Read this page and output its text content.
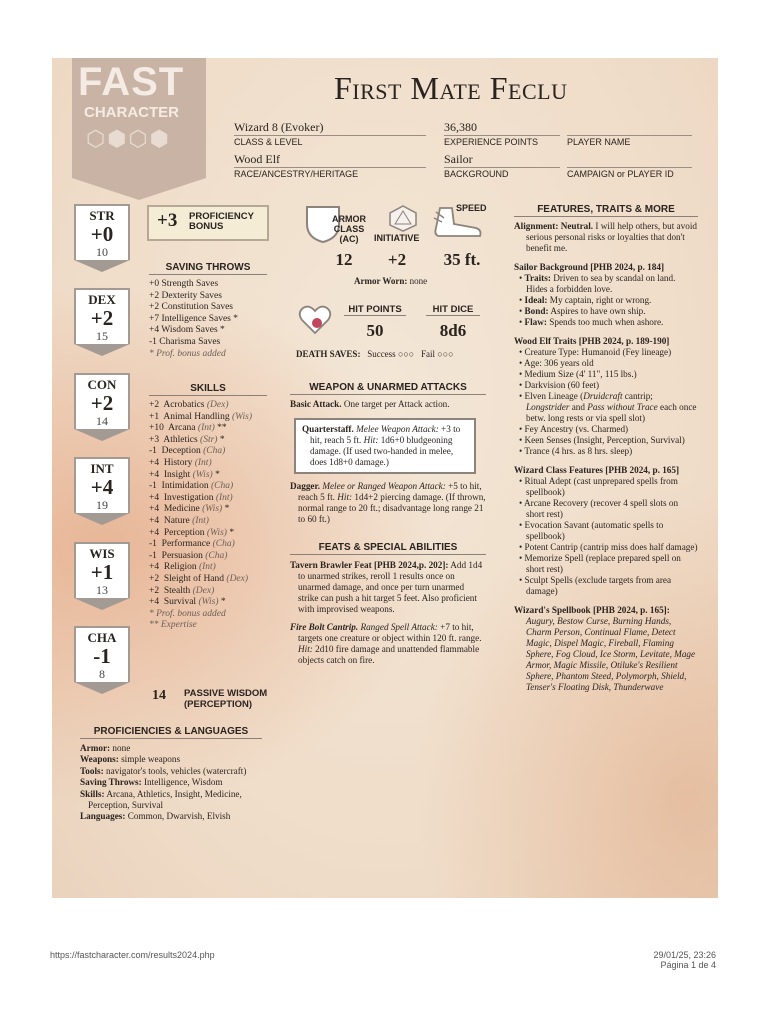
FAST
CHARACTER
⬡⬢⬡⬢
First Mate Feclu
Wizard 8 (Evoker)
CLASS & LEVEL
36,380
EXPERIENCE POINTS
	PLAYER NAME
Wood Elf
RACE/ANCESTRY/HERITAGE
Sailor
BACKGROUND
	CAMPAIGN or PLAYER ID
STR
+0
10
DEX
+2
15
CON
+2
14
INT
+4
19
WIS
+1
13
CHA
-1
8
+3 PROFICIENCY BONUS
SAVING THROWS
+0 Strength Saves
+2 Dexterity Saves
+2 Constitution Saves
+7 Intelligence Saves *
+4 Wisdom Saves *
-1 Charisma Saves
* Prof. bonus added
SKILLS
+2 Acrobatics (Dex)
+1 Animal Handling (Wis)
+10 Arcana (Int) **
+3 Athletics (Str) *
-1 Deception (Cha)
+4 History (Int)
+4 Insight (Wis) *
-1 Intimidation (Cha)
+4 Investigation (Int)
+4 Medicine (Wis) *
+4 Nature (Int)
+4 Perception (Wis) *
-1 Performance (Cha)
-1 Persuasion (Cha)
+4 Religion (Int)
+2 Sleight of Hand (Dex)
+2 Stealth (Dex)
+4 Survival (Wis) *
* Prof. bonus added
** Expertise
14 PASSIVE WISDOM
(PERCEPTION)
PROFICIENCIES & LANGUAGES
Armor: none
Weapons: simple weapons
Tools: navigator's tools, vehicles (watercraft)
Saving Throws: Intelligence, Wisdom
Skills: Arcana, Athletics, Insight, Medicine, Perception, Survival
Languages: Common, Dwarvish, Elvish
ARMOR
CLASS
(AC)	INITIATIVE
SPEED
12	+2	35 ft.
Armor Worn: none
HIT POINTS	HIT DICE
50	8d6
DEATH SAVES: Success ○○○ Fail ○○○
WEAPON & UNARMED ATTACKS
Basic Attack. One target per Attack action.
Quarterstaff. Melee Weapon Attack: +3 to hit, reach 5 ft. Hit: 1d6+0 bludgeoning damage. (If used two-handed in melee, does 1d8+0 damage.)
Dagger. Melee or Ranged Weapon Attack: +5 to hit, reach 5 ft. Hit: 1d4+2 piercing damage. (If thrown, normal range to 20 ft.; disadvantage long range 21 to 60 ft.)
FEATS & SPECIAL ABILITIES
Tavern Brawler Feat [PHB 2024,p. 202]: Add 1d4 to unarmed strikes, reroll 1 results once on unarmed damage, and once per turn unarmed strike can push a hit target 5 feet. Also proficient with improvised weapons.
Fire Bolt Cantrip. Ranged Spell Attack: +7 to hit, targets one creature or object within 120 ft. range. Hit: 2d10 fire damage and unattended flammable objects catch on fire.
FEATURES, TRAITS & MORE
Alignment: Neutral. I will help others, but avoid serious personal risks or loyalties that don't benefit me.
Sailor Background [PHB 2024, p. 184]
• Traits: Driven to sea by scandal on land. Hides a forbidden love.
• Ideal: My captain, right or wrong.
• Bond: Aspires to have own ship.
• Flaw: Spends too much when ashore.
Wood Elf Traits [PHB 2024, p. 189-190]
• Creature Type: Humanoid (Fey lineage)
• Age: 306 years old
• Medium Size (4' 11", 115 lbs.)
• Darkvision (60 feet)
• Elven Lineage (Druidcraft cantrip; Longstrider and Pass without Trace each once betw. long rests or via spell slot)
• Fey Ancestry (vs. Charmed)
• Keen Senses (Insight, Perception, Survival)
• Trance (4 hrs. as 8 hrs. sleep)
Wizard Class Features [PHB 2024, p. 165]
• Ritual Adept (cast unprepared spells from spellbook)
• Arcane Recovery (recover 4 spell slots on short rest)
• Evocation Savant (automatic spells to spellbook)
• Potent Cantrip (cantrip miss does half damage)
• Memorize Spell (replace prepared spell on short rest)
• Sculpt Spells (exclude targets from area damage)
Wizard's Spellbook [PHB 2024, p. 165]:
Augury, Bestow Curse, Burning Hands, Charm Person, Continual Flame, Detect Magic, Dispel Magic, Fireball, Flaming Sphere, Fog Cloud, Ice Storm, Levitate, Mage Armor, Magic Missile, Otiluke's Resilient Sphere, Phantom Steed, Polymorph, Shield, Tenser's Floating Disk, Thunderwave
https://fastcharacter.com/results2024.php	29/01/25, 23:26
Página 1 de 4
